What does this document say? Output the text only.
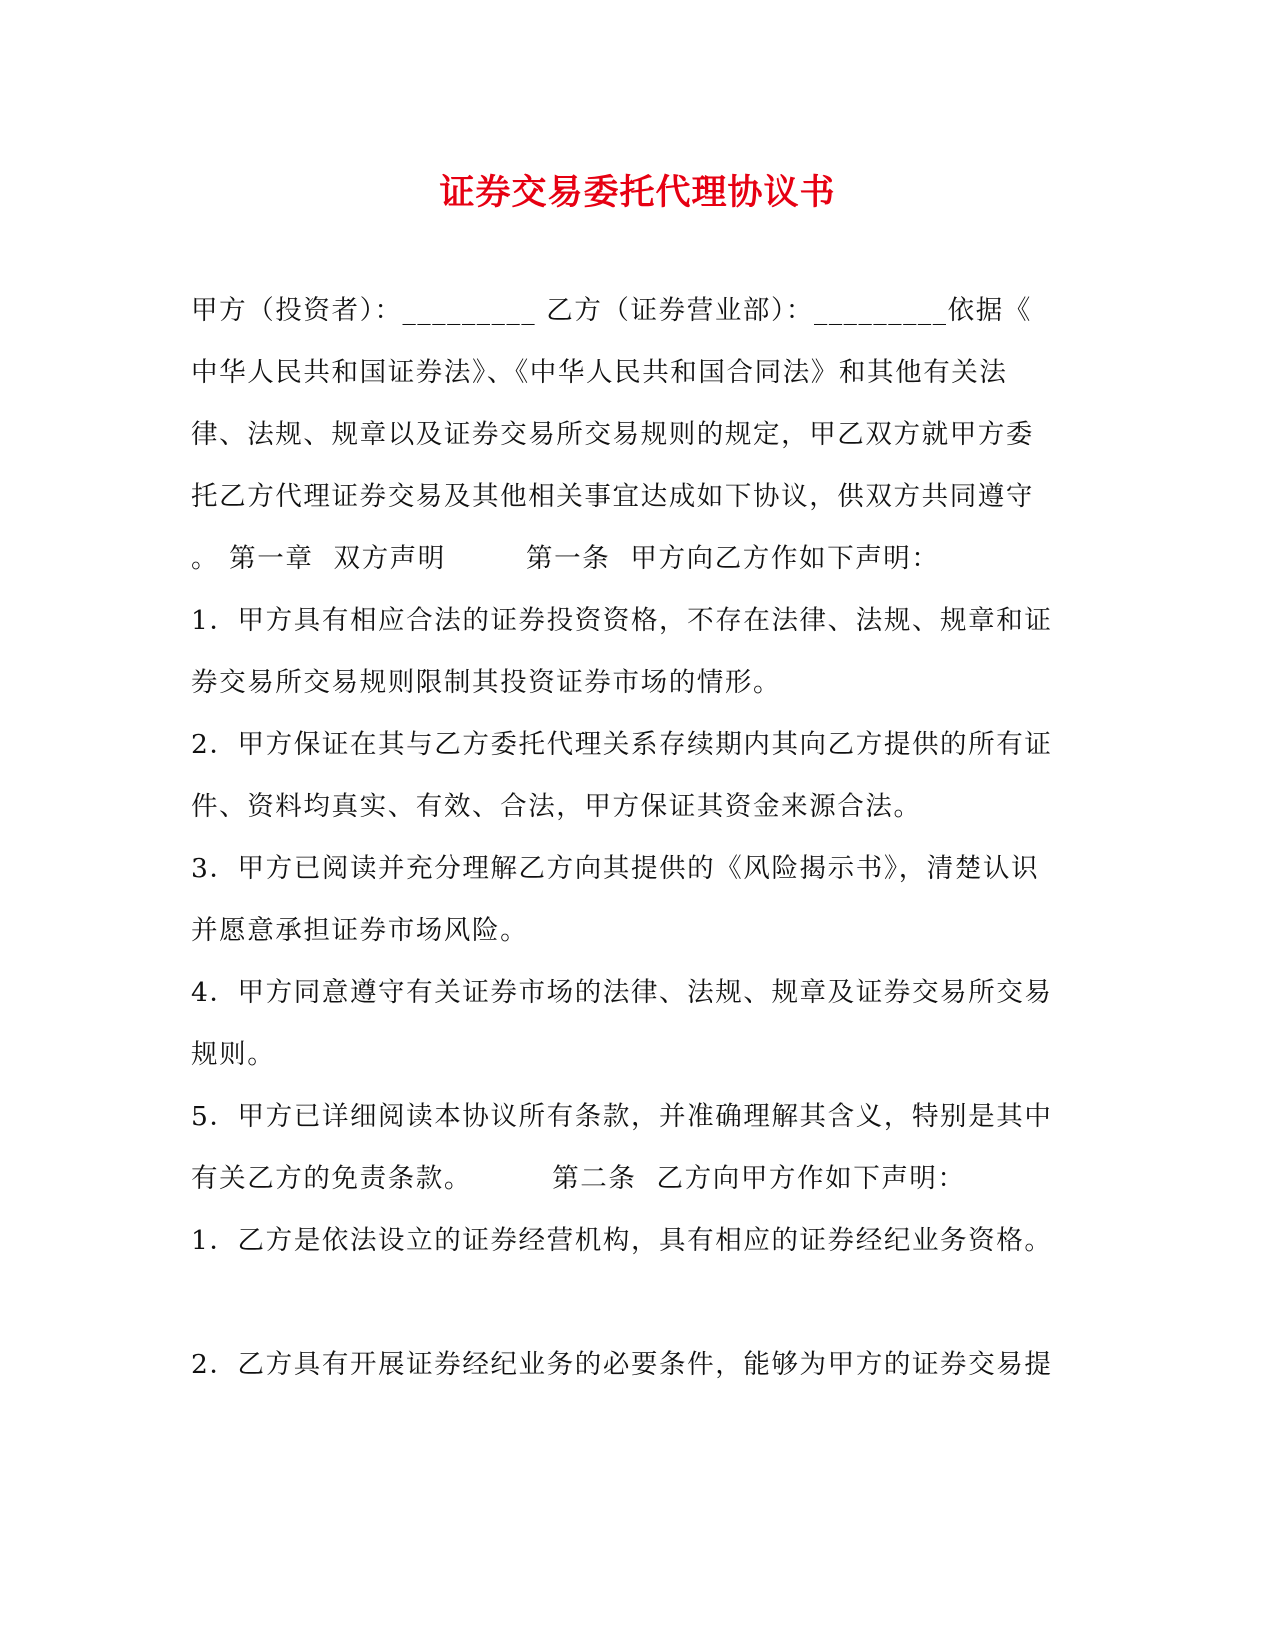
证券交易委托代理协议书
甲方（投资者）：_________ 乙方（证券营业部）：_________依据《
中华人民共和国证券法》、《中华人民共和国合同法》和其他有关法
律、法规、规章以及证券交易所交易规则的规定，甲乙双方就甲方委
托乙方代理证券交易及其他相关事宜达成如下协议，供双方共同遵守
。 第一章  双方声明        第一条  甲方向乙方作如下声明：
1．甲方具有相应合法的证券投资资格，不存在法律、法规、规章和证
券交易所交易规则限制其投资证券市场的情形。
2．甲方保证在其与乙方委托代理关系存续期内其向乙方提供的所有证
件、资料均真实、有效、合法，甲方保证其资金来源合法。
3．甲方已阅读并充分理解乙方向其提供的《风险揭示书》，清楚认识
并愿意承担证券市场风险。
4．甲方同意遵守有关证券市场的法律、法规、规章及证券交易所交易
规则。
5．甲方已详细阅读本协议所有条款，并准确理解其含义，特别是其中
有关乙方的免责条款。        第二条  乙方向甲方作如下声明：
1．乙方是依法设立的证券经营机构，具有相应的证券经纪业务资格。
2．乙方具有开展证券经纪业务的必要条件，能够为甲方的证券交易提
